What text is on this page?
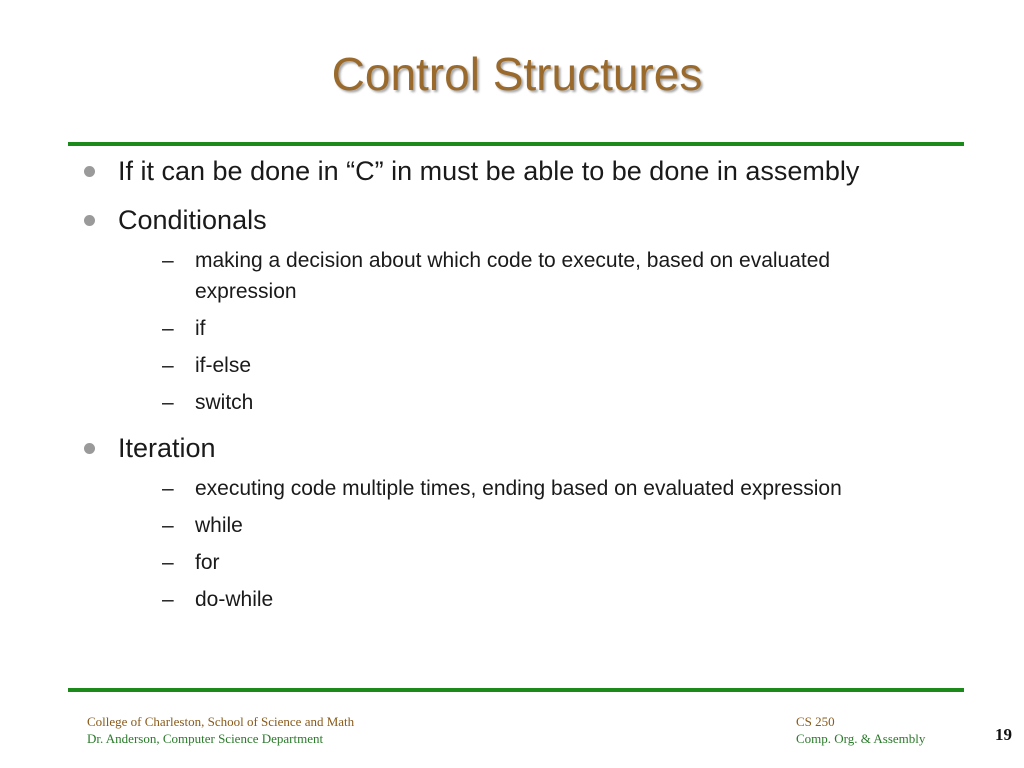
Control Structures
If it can be done in “C” in must be able to be done in assembly
Conditionals
– making a decision about which code to execute, based on evaluated expression
– if
– if-else
– switch
Iteration
– executing code multiple times, ending based on evaluated expression
– while
– for
– do-while
College of Charleston, School of Science and Math
Dr. Anderson, Computer Science Department
CS 250
Comp. Org. & Assembly	19
